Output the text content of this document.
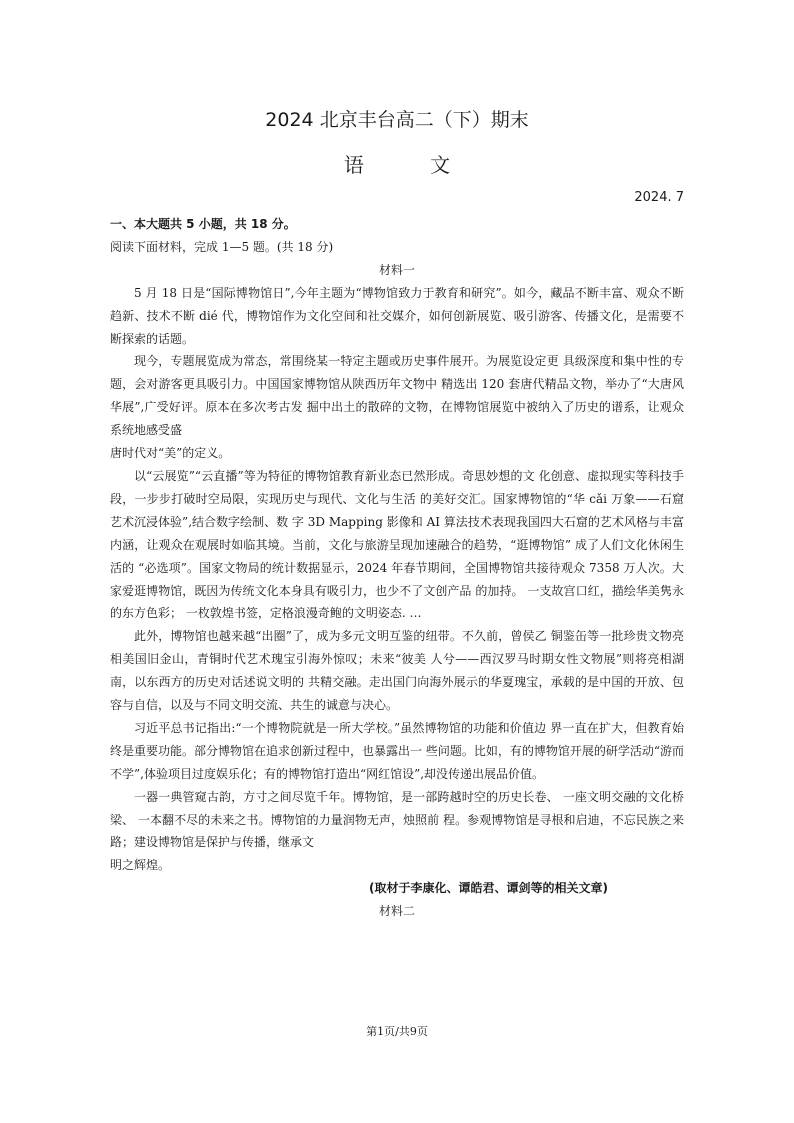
2024 北京丰台高二（下）期末
语 文
2024. 7
一、本大题共 5 小题，共 18 分。
阅读下面材料，完成 1—5 题。(共 18 分)
材料一

5 月 18 日是“国际博物馆日”,今年主题为“博物馆致力于教育和研究”。如今，藏品不断丰富、观众不断趋新、技术不断 dié 代，博物馆作为文化空间和社交媒介，如何创新展览、吸引游客、传播文化，是需要不断探索的话题。

现今，专题展览成为常态，常围绕某一特定主题或历史事件展开。为展览设定更 具级深度和集中性的专题，会对游客更具吸引力。中国国家博物馆从陕西历年文物中 精选出 120 套唐代精品文物，举办了“大唐风华展”,广受好评。原本在多次考古发 掘中出土的散碎的文物，在博物馆展览中被纳入了历史的谱系，让观众系统地感受盛

唐时代对“美”的定义。

以“云展览”“云直播”等为特征的博物馆教育新业态已然形成。奇思妙想的文 化创意、虚拟现实等科技手段，一步步打破时空局限，实现历史与现代、文化与生活 的美好交汇。国家博物馆的“华 cǎi 万象——石窟艺术沉浸体验”,结合数字绘制、数 字 3D Mapping 影像和 AI 算法技术表现我国四大石窟的艺术风格与丰富内涵，让观众在观展时如临其境。当前，文化与旅游呈现加速融合的趋势，“逛博物馆” 成了人们文化休闲生活的 “必选项”。国家文物局的统计数据显示，2024 年春节期间，全国博物馆共接待观众 7358 万人次。大家爱逛博物馆，既因为传统文化本身具有吸引力，也少不了文创产品 的加持。 一支故宫口红，描绘华美隽永的东方色彩； 一枚敦煌书签，定格浪漫奇鲍的文明姿态. …

此外，博物馆也越来越“出圈”了，成为多元文明互鉴的纽带。不久前，曾侯乙 铜鉴缶等一批珍贵文物亮相美国旧金山，青铜时代艺术瑰宝引海外惊叹；未来“彼美 人兮——西汉罗马时期女性文物展”则将亮相湖南，以东西方的历史对话述说文明的 共精交融。走出国门向海外展示的华夏瑰宝，承载的是中国的开放、包容与自信，以及与不同文明交流、共生的诚意与决心。

习近平总书记指出:“一个博物院就是一所大学校。”虽然博物馆的功能和价值边 界一直在扩大，但教育始终是重要功能。部分博物馆在追求创新过程中，也暴露出一 些问题。比如，有的博物馆开展的研学活动“游而不学”,体验项目过度娱乐化；有的博物馆打造出“网红馆设”,却没传递出展品价值。

一器一典管窥古韵，方寸之间尽览千年。博物馆，是一部跨越时空的历史长卷、 一座文明交融的文化桥梁、 一本翻不尽的未来之书。博物馆的力量润物无声，烛照前 程。参观博物馆是寻根和启迪，不忘民族之来路；建设博物馆是保护与传播，继承文

明之辉煌。

(取材于李康化、谭皓君、谭剑等的相关文章)
材料二
第1页/共9页
